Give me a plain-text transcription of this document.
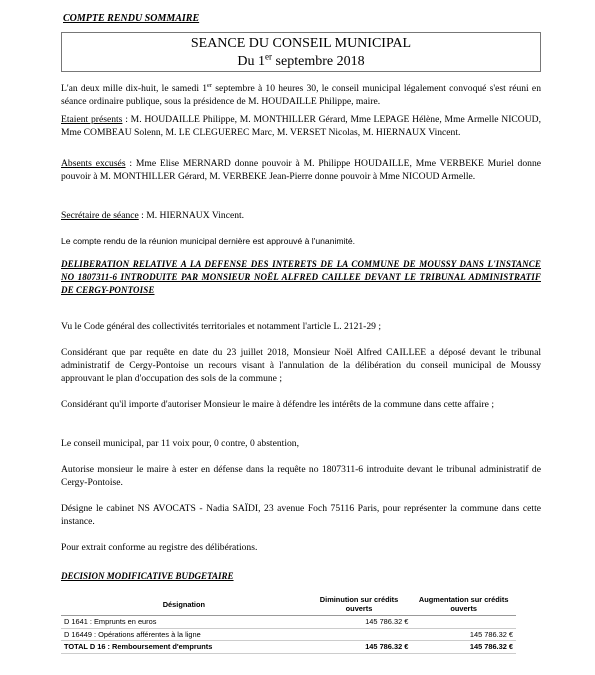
COMPTE RENDU SOMMAIRE
SEANCE DU CONSEIL MUNICIPAL
Du 1er septembre 2018
L'an deux mille dix-huit, le samedi 1er septembre à 10 heures 30, le conseil municipal légalement convoqué s'est réuni en séance ordinaire publique, sous la présidence de M. HOUDAILLE Philippe, maire.
Etaient présents : M. HOUDAILLE Philippe, M. MONTHILLER Gérard, Mme LEPAGE Hélène, Mme Armelle NICOUD, Mme COMBEAU Solenn, M. LE CLEGUEREC Marc, M. VERSET Nicolas, M. HIERNAUX Vincent.
Absents excusés : Mme Elise MERNARD donne pouvoir à M. Philippe HOUDAILLE, Mme VERBEKE Muriel donne pouvoir à M. MONTHILLER Gérard, M. VERBEKE Jean-Pierre donne pouvoir à Mme NICOUD Armelle.
Secrétaire de séance : M. HIERNAUX Vincent.
Le compte rendu de la réunion municipal dernière est approuvé à l'unanimité.
DELIBERATION RELATIVE A LA DEFENSE DES INTERETS DE LA COMMUNE DE MOUSSY DANS L'INSTANCE NO 1807311-6 INTRODUITE PAR MONSIEUR NOËL ALFRED CAILLEE DEVANT LE TRIBUNAL ADMINISTRATIF DE CERGY-PONTOISE
Vu le Code général des collectivités territoriales et notamment l'article L. 2121-29 ;
Considérant que par requête en date du 23 juillet 2018, Monsieur Noël Alfred CAILLEE a déposé devant le tribunal administratif de Cergy-Pontoise un recours visant à l'annulation de la délibération du conseil municipal de Moussy approuvant le plan d'occupation des sols de la commune ;
Considérant qu'il importe d'autoriser Monsieur le maire à défendre les intérêts de la commune dans cette affaire ;
Le conseil municipal, par 11 voix pour, 0 contre, 0 abstention,
Autorise monsieur le maire à ester en défense dans la requête no 1807311-6 introduite devant le tribunal administratif de Cergy-Pontoise.
Désigne le cabinet NS AVOCATS - Nadia SAÏDI, 23 avenue Foch 75116 Paris, pour représenter la commune dans cette instance.
Pour extrait conforme au registre des délibérations.
DECISION MODIFICATIVE BUDGETAIRE
Désignation	Diminution sur crédits ouverts	Augmentation sur crédits ouverts
D 1641 : Emprunts en euros	145 786.32 €	
D 16449 : Opérations afférentes à la ligne		145 786.32 €
TOTAL D 16 : Remboursement d'emprunts	145 786.32 €	145 786.32 €
